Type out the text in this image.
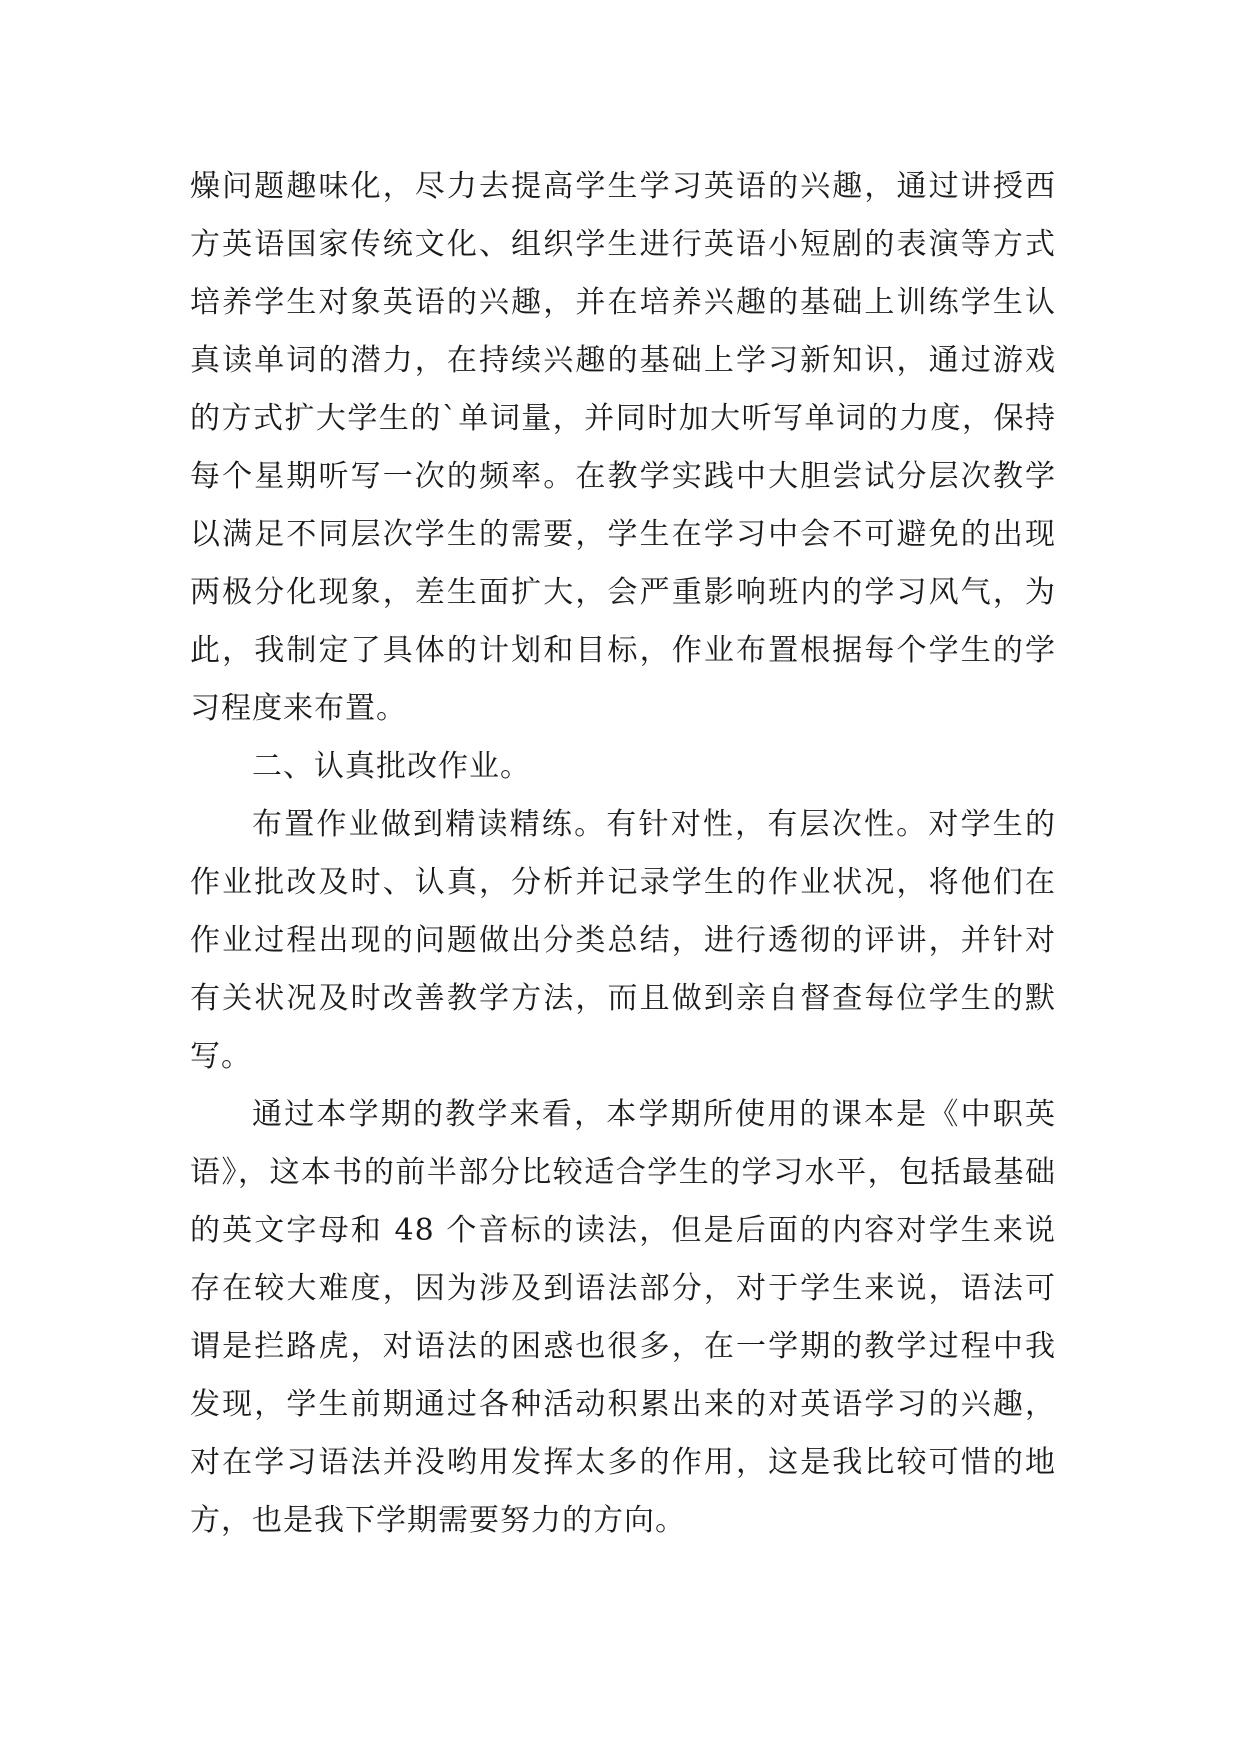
燥问题趣味化，尽力去提高学生学习英语的兴趣，通过讲授西方英语国家传统文化、组织学生进行英语小短剧的表演等方式培养学生对象英语的兴趣，并在培养兴趣的基础上训练学生认真读单词的潜力，在持续兴趣的基础上学习新知识，通过游戏的方式扩大学生的`单词量，并同时加大听写单词的力度，保持每个星期听写一次的频率。在教学实践中大胆尝试分层次教学以满足不同层次学生的需要，学生在学习中会不可避免的出现两极分化现象，差生面扩大，会严重影响班内的学习风气，为此，我制定了具体的计划和目标，作业布置根据每个学生的学习程度来布置。

二、认真批改作业。

布置作业做到精读精练。有针对性，有层次性。对学生的作业批改及时、认真，分析并记录学生的作业状况，将他们在作业过程出现的问题做出分类总结，进行透彻的评讲，并针对有关状况及时改善教学方法，而且做到亲自督查每位学生的默写。

通过本学期的教学来看，本学期所使用的课本是《中职英语》，这本书的前半部分比较适合学生的学习水平，包括最基础的英文字母和 48 个音标的读法，但是后面的内容对学生来说存在较大难度，因为涉及到语法部分，对于学生来说，语法可谓是拦路虎，对语法的困惑也很多，在一学期的教学过程中我发现，学生前期通过各种活动积累出来的对英语学习的兴趣，对在学习语法并没哟用发挥太多的作用，这是我比较可惜的地方，也是我下学期需要努力的方向。
